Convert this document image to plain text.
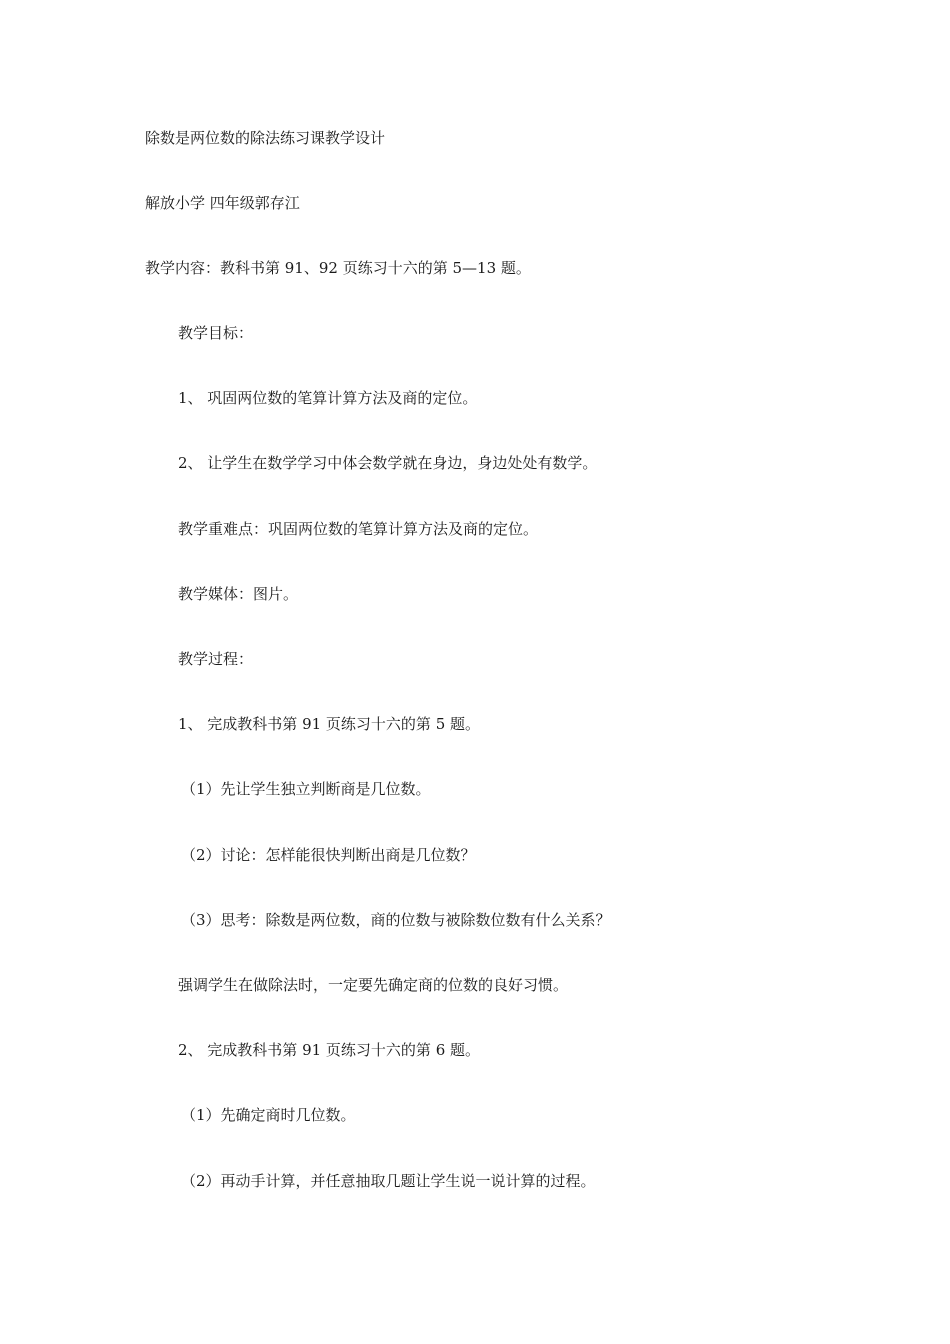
除数是两位数的除法练习课教学设计
解放小学 四年级郭存江
教学内容：教科书第 91、92 页练习十六的第 5—13 题。
教学目标：
1、 巩固两位数的笔算计算方法及商的定位。
2、 让学生在数学学习中体会数学就在身边，身边处处有数学。
教学重难点：巩固两位数的笔算计算方法及商的定位。
教学媒体：图片。
教学过程：
1、 完成教科书第 91 页练习十六的第 5 题。
（1）先让学生独立判断商是几位数。
（2）讨论：怎样能很快判断出商是几位数？
（3）思考：除数是两位数，商的位数与被除数位数有什么关系？
强调学生在做除法时，一定要先确定商的位数的良好习惯。
2、 完成教科书第 91 页练习十六的第 6 题。
（1）先确定商时几位数。
（2）再动手计算，并任意抽取几题让学生说一说计算的过程。
